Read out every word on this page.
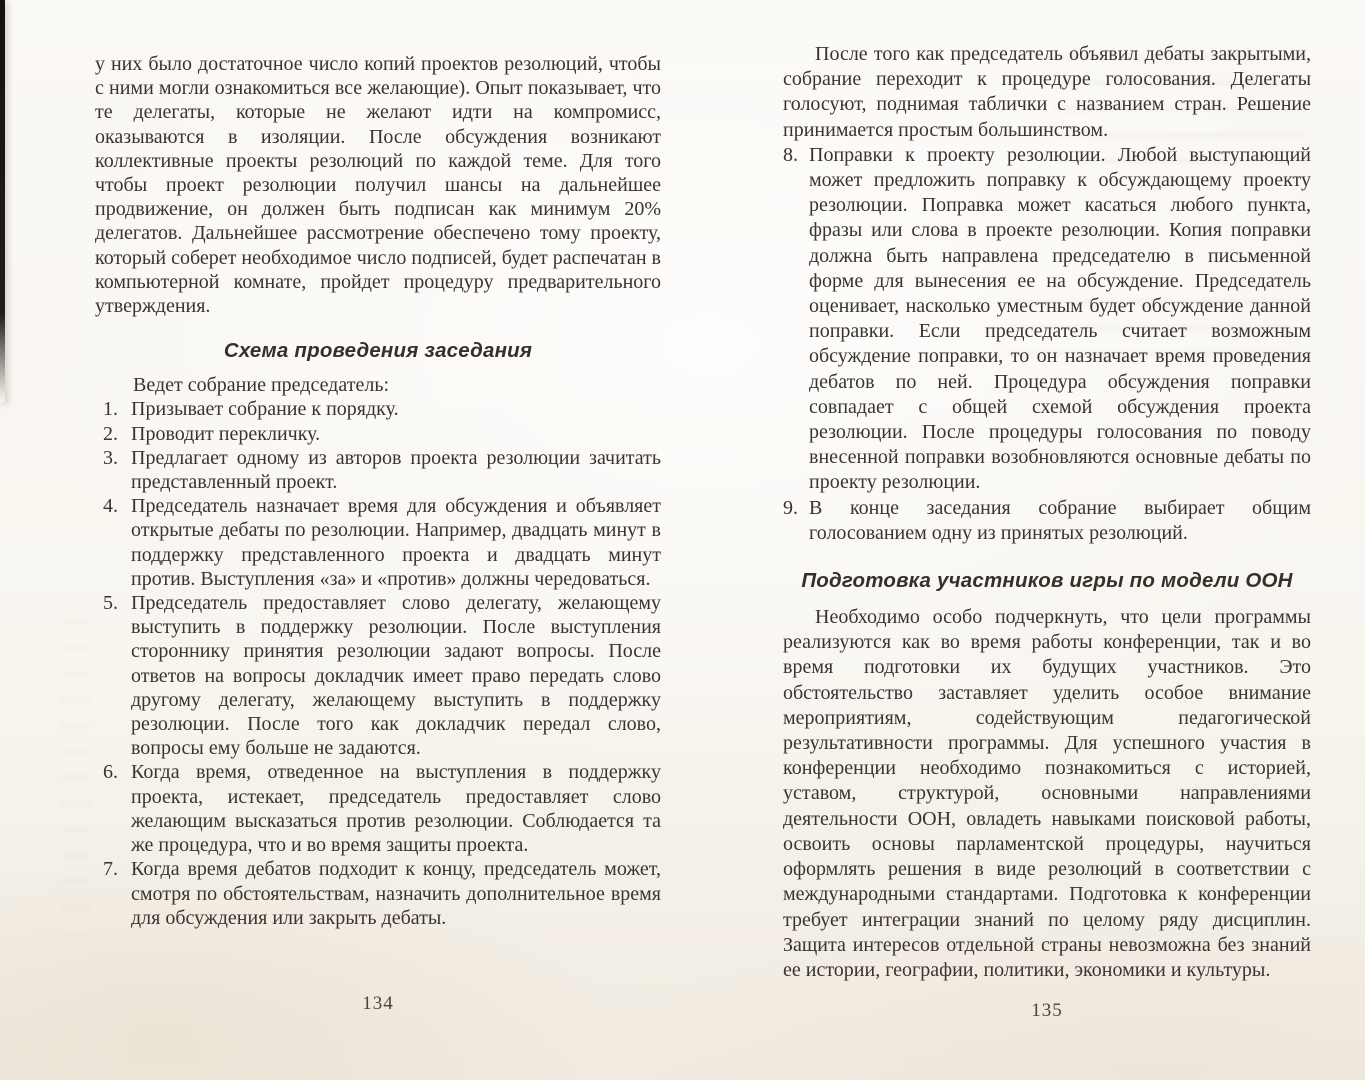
у них было достаточное число копий проектов резолюций, чтобы с ними могли ознакомиться все желающие). Опыт показывает, что те делегаты, которые не желают идти на компромисс, оказываются в изоляции. После обсуждения возникают коллективные проекты резолюций по каждой теме. Для того чтобы проект резолюции получил шансы на дальнейшее продвижение, он должен быть подписан как минимум 20% делегатов. Дальнейшее рассмотрение обеспечено тому проекту, который соберет необходимое число подписей, будет распечатан в компьютерной комнате, пройдет процедуру предварительного утверждения.

Схема проведения заседания

Ведет собрание председатель:

1. Призывает собрание к порядку.
2. Проводит перекличку.
3. Предлагает одному из авторов проекта резолюции зачитать представленный проект.
4. Председатель назначает время для обсуждения и объявляет открытые дебаты по резолюции. Например, двадцать минут в поддержку представленного проекта и двадцать минут против. Выступления «за» и «против» должны чередоваться.
5. Председатель предоставляет слово делегату, желающему выступить в поддержку резолюции. После выступления стороннику принятия резолюции задают вопросы. После ответов на вопросы докладчик имеет право передать слово другому делегату, желающему выступить в поддержку резолюции. После того как докладчик передал слово, вопросы ему больше не задаются.
6. Когда время, отведенное на выступления в поддержку проекта, истекает, председатель предоставляет слово желающим высказаться против резолюции. Соблюдается та же процедура, что и во время защиты проекта.
7. Когда время дебатов подходит к концу, председатель может, смотря по обстоятельствам, назначить дополнительное время для обсуждения или закрыть дебаты.

После того как председатель объявил дебаты закрытыми, собрание переходит к процедуре голосования. Делегаты голосуют, поднимая таблички с названием стран. Решение принимается простым большинством.

8. Поправки к проекту резолюции. Любой выступающий может предложить поправку к обсуждающему проекту резолюции. Поправка может касаться любого пункта, фразы или слова в проекте резолюции. Копия поправки должна быть направлена председателю в письменной форме для вынесения ее на обсуждение. Председатель оценивает, насколько уместным будет обсуждение данной поправки. Если председатель считает возможным обсуждение поправки, то он назначает время проведения дебатов по ней. Процедура обсуждения поправки совпадает с общей схемой обсуждения проекта резолюции. После процедуры голосования по поводу внесенной поправки возобновляются основные дебаты по проекту резолюции.
9. В конце заседания собрание выбирает общим голосованием одну из принятых резолюций.
Подготовка участников игры по модели ООН

Необходимо особо подчеркнуть, что цели программы реализуются как во время работы конференции, так и во время подготовки их будущих участников. Это обстоятельство заставляет уделить особое внимание мероприятиям, содействующим педагогической результативности программы. Для успешного участия в конференции необходимо познакомиться с историей, уставом, структурой, основными направлениями деятельности ООН, овладеть навыками поисковой работы, освоить основы парламентской процедуры, научиться оформлять решения в виде резолюций в соответствии с международными стандартами. Подготовка к конференции требует интеграции знаний по целому ряду дисциплин. Защита интересов отдельной страны невозможна без знаний ее истории, географии, политики, экономики и культуры.

134	135
